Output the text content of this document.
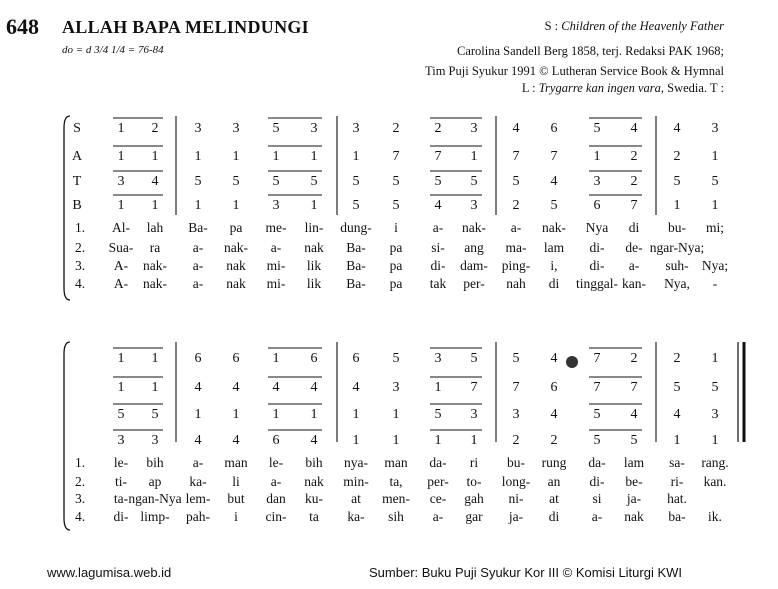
648 ALLAH BAPA MELINDUNGI
do = d 3/4 1/4 = 76-84
S : Children of the Heavenly Father
Carolina Sandell Berg 1858, terj. Redaksi PAK 1968;
Tim Puji Syukur 1991 © Lutheran Service Book & Hymnal
L : Trygarre kan ingen vara, Swedia. T :
S
A
T
B
1 2	3 3 5 3	3 2	2 3	4 6	5 4	4 3
1 1	1 1 1 1	1 7	7 1	7 7	1 2	2 1
3 4	5 5 5 5	5 5	5 5	5 4	3 2	5 5
1 1	1 1 3 1	5 5	4 3	2 5	6 7	1 1
1. Al- lah Ba- pa me- lin- dung- i	a- nak- a- nak- Nya di bu- mi;
2. Sua- ra a- nak- a- nak Ba- pa si- ang ma- lam di- de- ngar-Nya;
3. A- nak- a- nak mi- lik Ba- pa di- dam- ping- i, di- a- suh- Nya;
4. A- nak- a- nak mi- lik Ba- pa tak per- nah di tinggal- kan- Nya, -
1 1	6 6 1 6	6 5	3 5	5 4	7 2	2 1
1 1	4 4 4 4	4 3	1 7	7 6	7 7	5 5
5 5	1 1 1 1	1 1	5 3	3 4	5 4	4 3
3 3	4 4 6 4	1 1	1 1	2 2	5 5	1 1
1. le- bih a- man le- bih nya- man da- ri bu- rung da- lam sa- rang.
2. ti- ap ka- li a- nak min- ta, per- to- long- an di- be- ri- kan.
3. ta- ngan-Nya lem- but dan ku- at men- ce- gah ni- at si ja- hat.
4. di- limp- pah- i cin- ta ka- sih a- gar ja- di a- nak ba- ik.
www.lagumisa.web.id	Sumber: Buku Puji Syukur Kor III © Komisi Liturgi KWI
